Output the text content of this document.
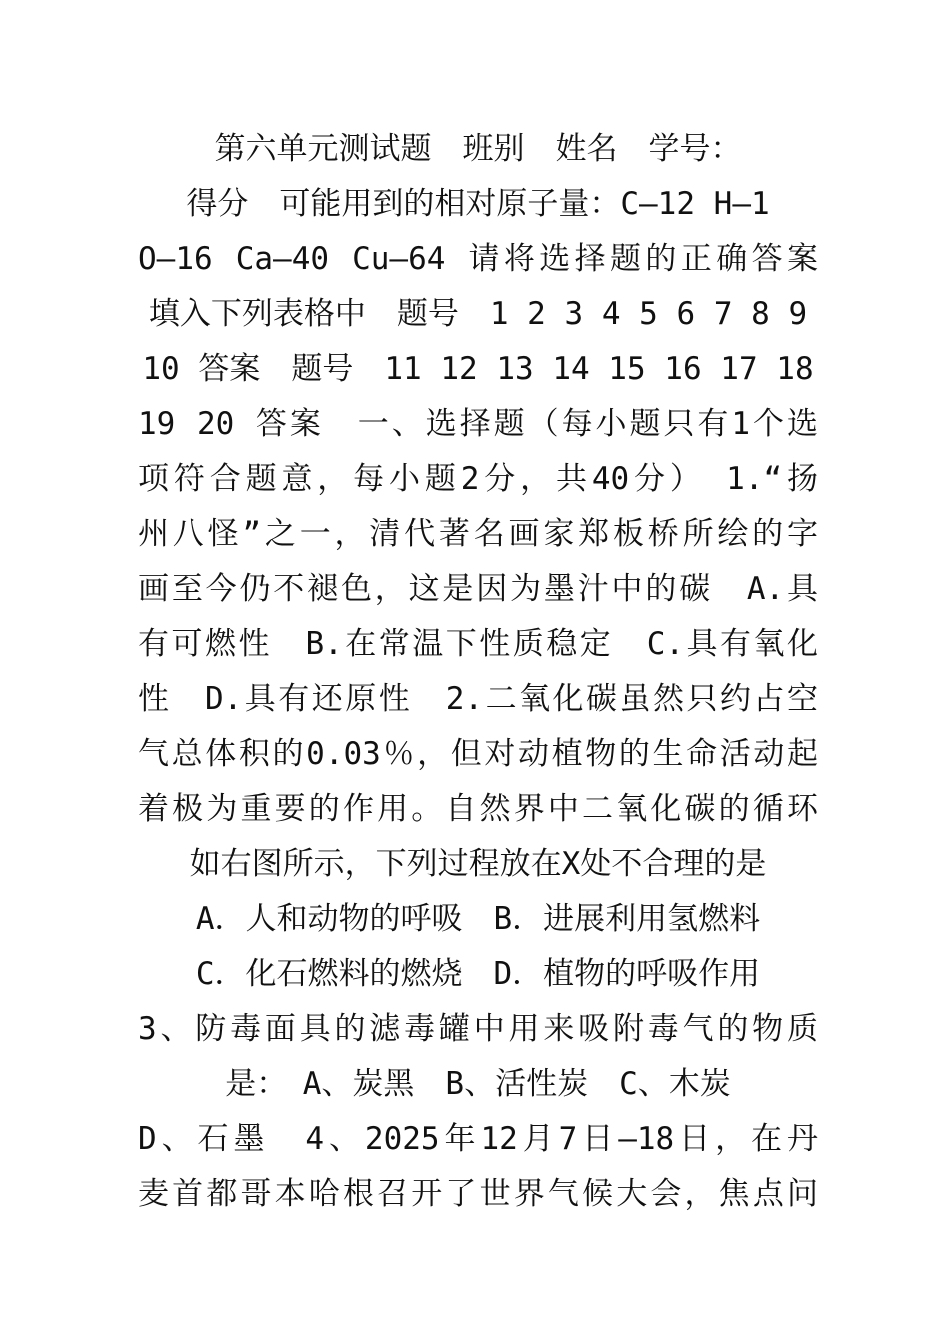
第六单元测试题　班别　姓名　学号：
得分　可能用到的相对原子量：C—12 H—1
O—16 Ca—40 Cu—64 请将选择题的正确答案
填入下列表格中　题号　1 2 3 4 5 6 7 8 9
10 答案　题号　11 12 13 14 15 16 17 18
19 20 答案　一、选择题（每小题只有1个选
项符合题意，每小题2分，共40分）　1.“扬
州八怪”之一，清代著名画家郑板桥所绘的字
画至今仍不褪色，这是因为墨汁中的碳　A.具
有可燃性　B.在常温下性质稳定　C.具有氧化
性　D.具有还原性　2.二氧化碳虽然只约占空
气总体积的0.03％，但对动植物的生命活动起
着极为重要的作用。自然界中二氧化碳的循环
如右图所示，下列过程放在X处不合理的是
A．人和动物的呼吸　B．进展利用氢燃料
C．化石燃料的燃烧　D．植物的呼吸作用
3、防毒面具的滤毒罐中用来吸附毒气的物质
是：　A、炭黑　B、活性炭　C、木炭
D、石墨　4、2025年12月7日—18日，在丹
麦首都哥本哈根召开了世界气候大会，焦点问
